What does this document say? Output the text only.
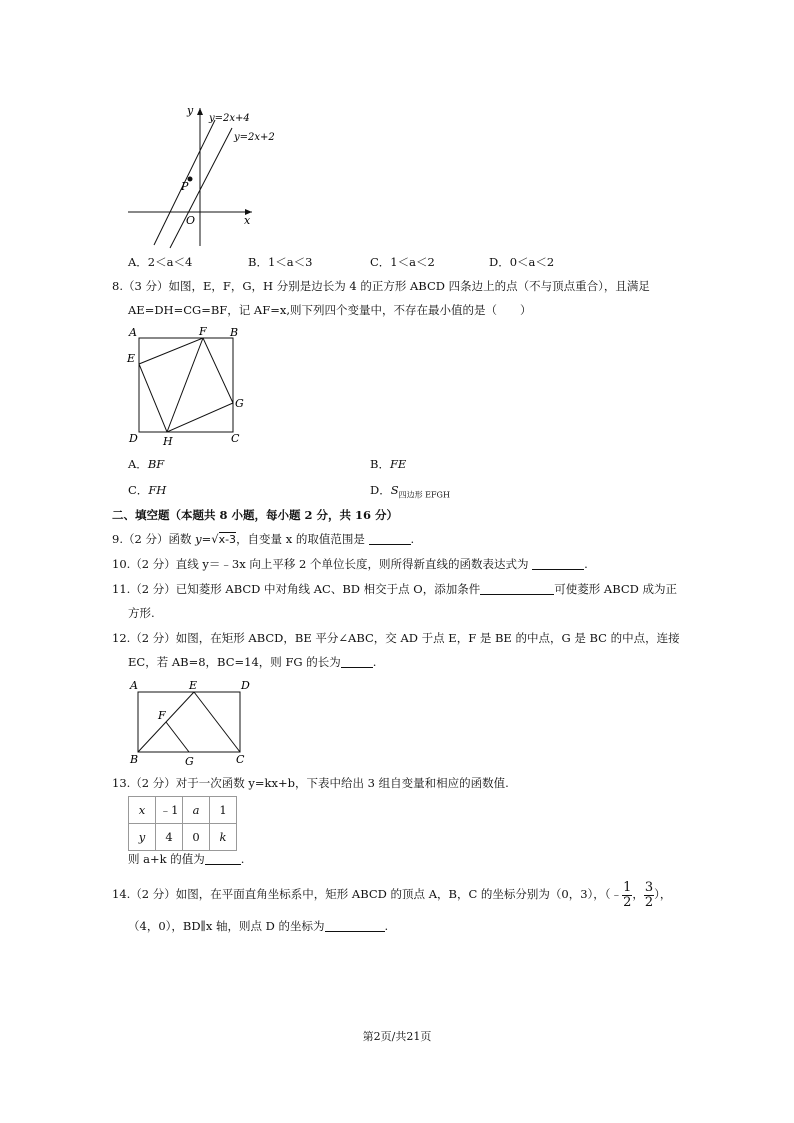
y
x
O
P
y=2x+4
y=2x+2
A．2＜a＜4	B．1＜a＜3	C．1＜a＜2	D．0＜a＜2
8.（3 分）如图，E，F，G，H 分别是边长为 4 的正方形 ABCD 四条边上的点（不与顶点重合），且满足
AE=DH=CG=BF，记 AF=x,则下列四个变量中，不存在最小值的是（　　）
A	F B
E
G
D H	C
A．BF	B．FE
C．FH	D．$S_{四边形 EFGH}$
二、填空题（本题共 8 小题，每小题 2 分，共 16 分）
9.（2 分）函数 y=√x-3，自变量 x 的取值范围是	.
10.（2 分）直线 y＝﹣3x 向上平移 2 个单位长度，则所得新直线的函数表达式为	.
11.（2 分）已知菱形 ABCD 中对角线 AC、BD 相交于点 O，添加条件	可使菱形 ABCD 成为正
方形.
12.（2 分）如图，在矩形 ABCD，BE 平分∠ABC，交 AD 于点 E，F 是 BE 的中点，G 是 BC 的中点，连接
EC，若 AB=8，BC=14，则 FG 的长为	.
A	E	D
F
B	G	C
13.（2 分）对于一次函数 y=kx+b，下表中给出 3 组自变量和相应的函数值.
x	﹣1	a	1
y	4	0	k
则 a+k 的值为	.
14.（2 分）如图，在平面直角坐标系中，矩形 ABCD 的顶点 A，B，C 的坐标分别为（0，3），（﹣ $\frac{1}{2}$ ， $\frac{3}{2}$ ），
（4，0），BD∥x 轴，则点 D 的坐标为	.
第2页/共21页
